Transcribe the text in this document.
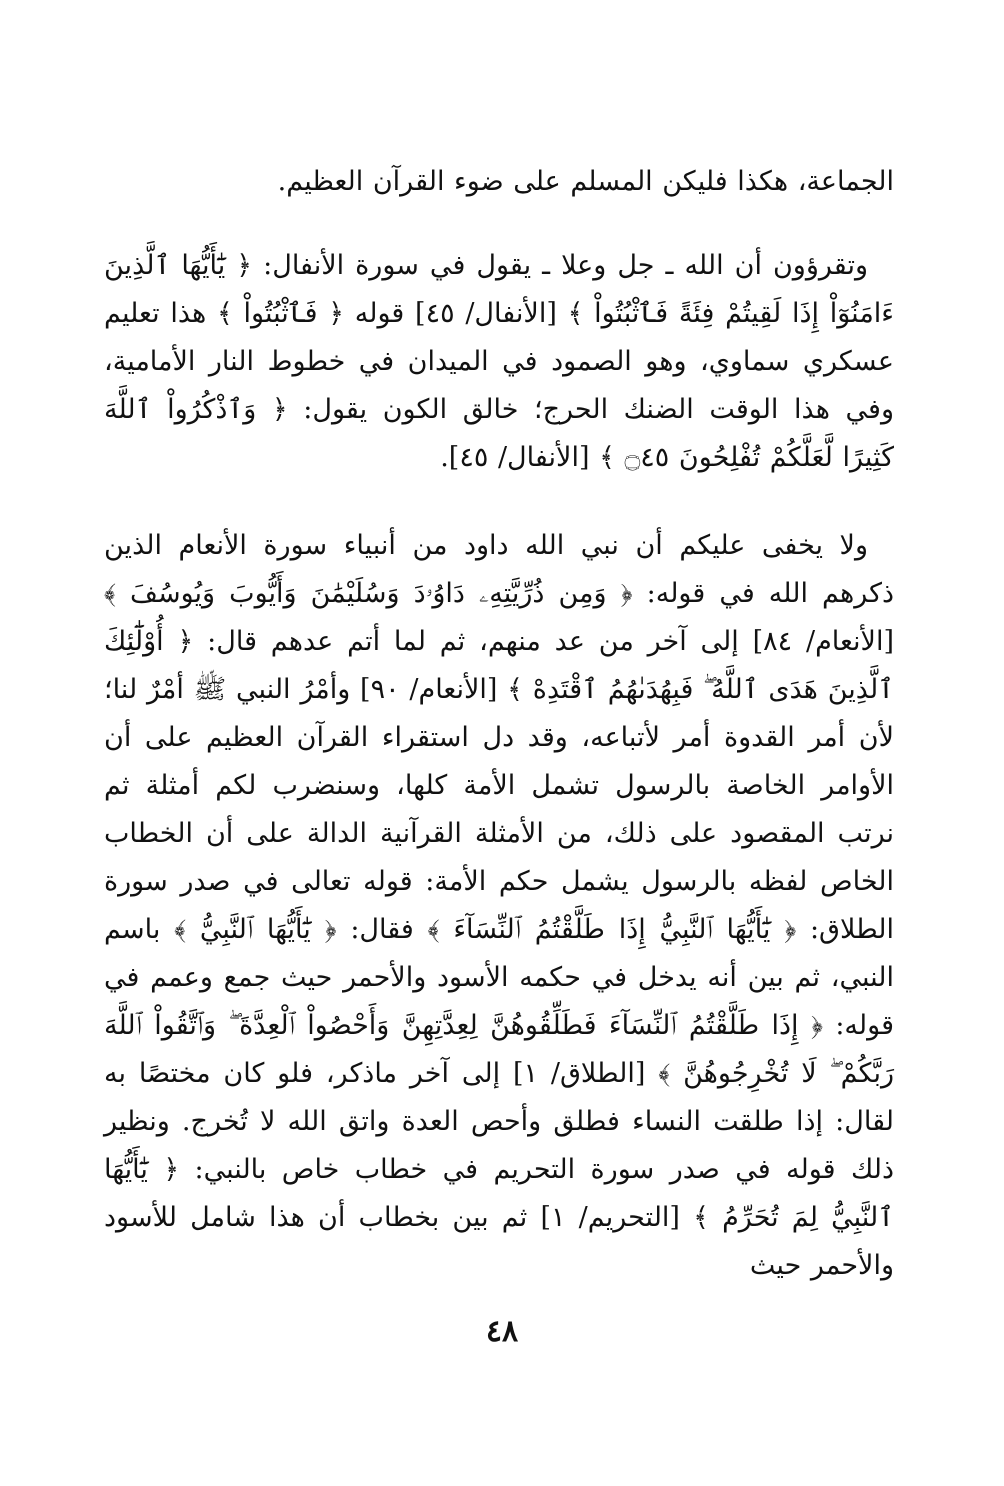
الجماعة، هكذا فليكن المسلم على ضوء القرآن العظيم.

وتقرؤون أن الله ـ جل وعلا ـ يقول في سورة الأنفال: ﴿ يَٰٓأَيُّهَا ٱلَّذِينَ ءَامَنُوٓاْ إِذَا لَقِيتُمْ فِئَةً فَٱثْبُتُواْ ﴾ [الأنفال/ ٤٥] قوله ﴿ فَٱثْبُتُواْ ﴾ هذا تعليم عسكري سماوي، وهو الصمود في الميدان في خطوط النار الأمامية، وفي هذا الوقت الضنك الحرج؛ خالق الكون يقول: ﴿ وَٱذْكُرُواْ ٱللَّهَ كَثِيرًا لَّعَلَّكُمْ تُفْلِحُونَ ۝٤٥ ﴾ [الأنفال/ ٤٥].

ولا يخفى عليكم أن نبي الله داود من أنبياء سورة الأنعام الذين ذكرهم الله في قوله: ﴿ وَمِن ذُرِّيَّتِهِۦ دَاوُۥدَ وَسُلَيْمَٰنَ وَأَيُّوبَ وَيُوسُفَ ﴾ [الأنعام/ ٨٤] إلى آخر من عد منهم، ثم لما أتم عدهم قال: ﴿ أُوْلَٰٓئِكَ ٱلَّذِينَ هَدَى ٱللَّهُ ۖ فَبِهُدَىٰهُمُ ٱقْتَدِهْ ﴾ [الأنعام/ ٩٠] وأمْرُ النبي ﷺ أمْرٌ لنا؛ لأن أمر القدوة أمر لأتباعه، وقد دل استقراء القرآن العظيم على أن الأوامر الخاصة بالرسول تشمل الأمة كلها، وسنضرب لكم أمثلة ثم نرتب المقصود على ذلك، من الأمثلة القرآنية الدالة على أن الخطاب الخاص لفظه بالرسول يشمل حكم الأمة: قوله تعالى في صدر سورة الطلاق: ﴿ يَٰٓأَيُّهَا ٱلنَّبِيُّ إِذَا طَلَّقْتُمُ ٱلنِّسَآءَ ﴾ فقال: ﴿ يَٰٓأَيُّهَا ٱلنَّبِيُّ ﴾ باسم النبي، ثم بين أنه يدخل في حكمه الأسود والأحمر حيث جمع وعمم في قوله: ﴿ إِذَا طَلَّقْتُمُ ٱلنِّسَآءَ فَطَلِّقُوهُنَّ لِعِدَّتِهِنَّ وَأَحْصُواْ ٱلْعِدَّةَ ۖ وَٱتَّقُواْ ٱللَّهَ رَبَّكُمْ ۖ لَا تُخْرِجُوهُنَّ ﴾ [الطلاق/ ١] إلى آخر ماذكر، فلو كان مختصًا به لقال: إذا طلقت النساء فطلق وأحص العدة واتق الله لا تُخرج. ونظير ذلك قوله في صدر سورة التحريم في خطاب خاص بالنبي: ﴿ يَٰٓأَيُّهَا ٱلنَّبِيُّ لِمَ تُحَرِّمُ ﴾ [التحريم/ ١] ثم بين بخطاب أن هذا شامل للأسود والأحمر حيث

٤٨
